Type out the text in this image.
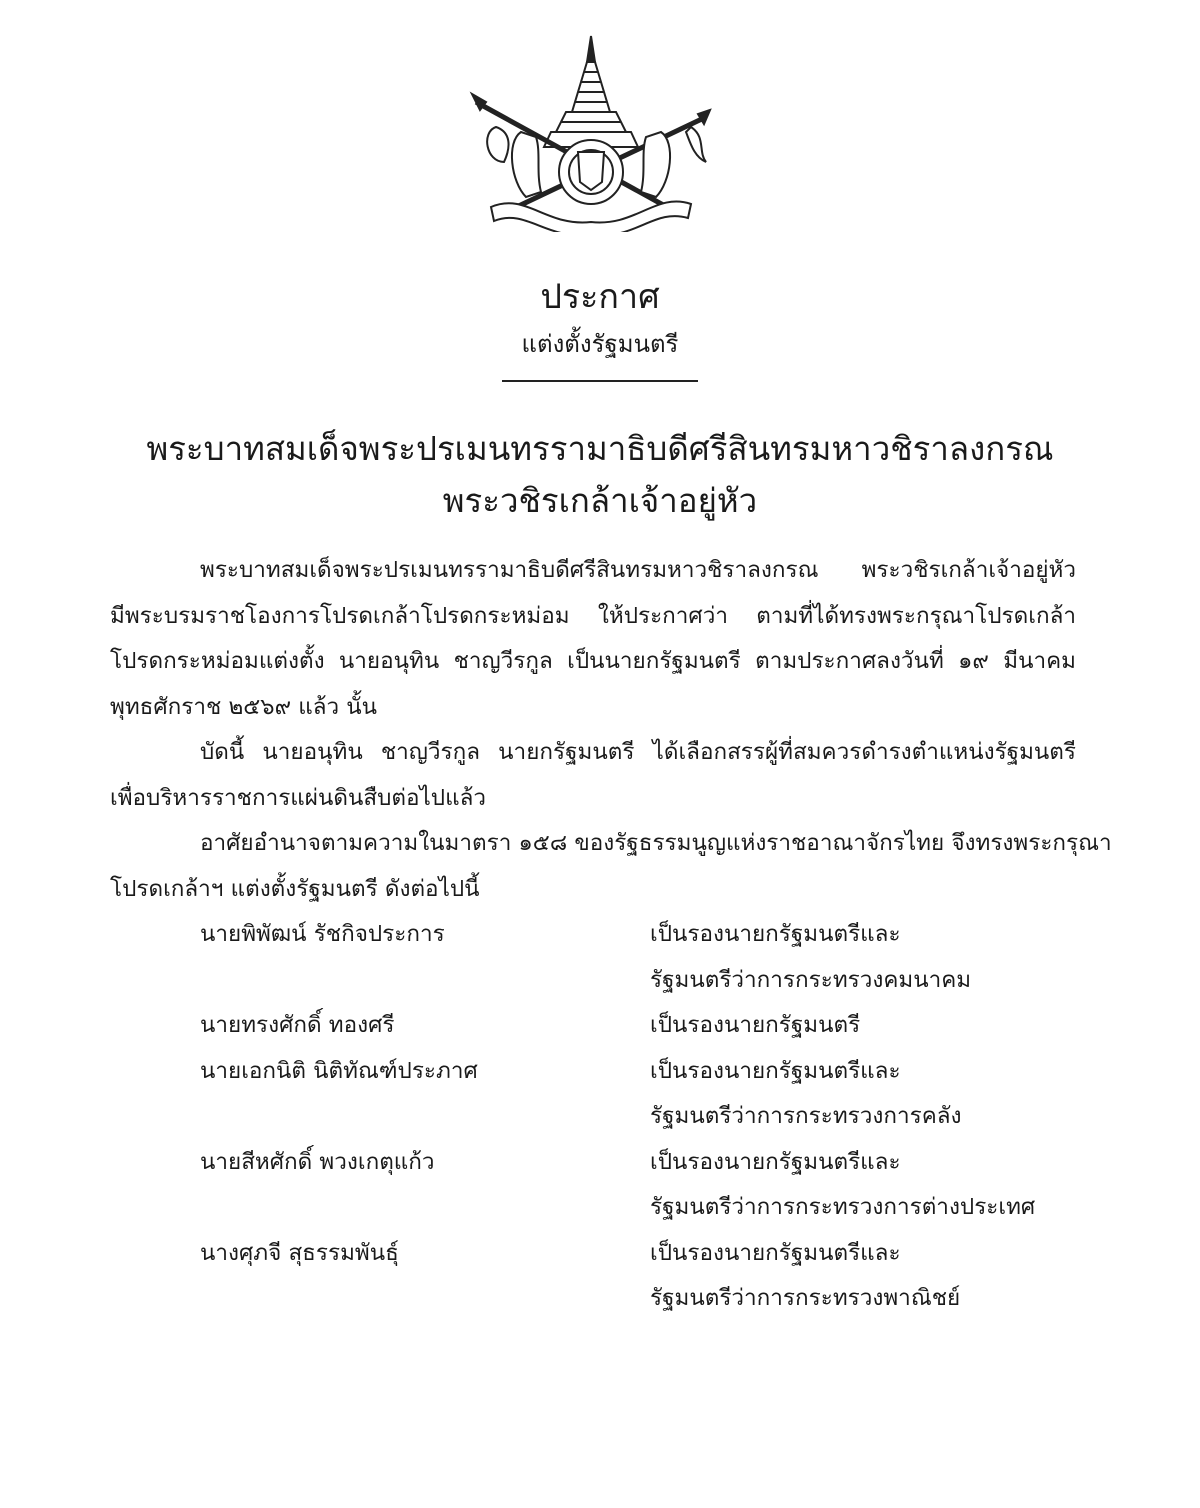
ประกาศ
แต่งตั้งรัฐมนตรี
พระบาทสมเด็จพระปรเมนทรรามาธิบดีศรีสินทรมหาวชิราลงกรณ
พระวชิรเกล้าเจ้าอยู่หัว
พระบาทสมเด็จพระปรเมนทรรามาธิบดีศรีสินทรมหาวชิราลงกรณ พระวชิรเกล้าเจ้าอยู่หัว
มีพระบรมราชโองการโปรดเกล้าโปรดกระหม่อม ให้ประกาศว่า ตามที่ได้ทรงพระกรุณาโปรดเกล้า
โปรดกระหม่อมแต่งตั้ง นายอนุทิน ชาญวีรกูล เป็นนายกรัฐมนตรี ตามประกาศลงวันที่ ๑๙ มีนาคม
พุทธศักราช ๒๕๖๙ แล้ว นั้น
บัดนี้ นายอนุทิน ชาญวีรกูล นายกรัฐมนตรี ได้เลือกสรรผู้ที่สมควรดำรงตำแหน่งรัฐมนตรี
เพื่อบริหารราชการแผ่นดินสืบต่อไปแล้ว
อาศัยอำนาจตามความในมาตรา ๑๕๘ ของรัฐธรรมนูญแห่งราชอาณาจักรไทย จึงทรงพระกรุณา
โปรดเกล้าฯ แต่งตั้งรัฐมนตรี ดังต่อไปนี้
นายพิพัฒน์ รัชกิจประการ	เป็นรองนายกรัฐมนตรีและ
รัฐมนตรีว่าการกระทรวงคมนาคม
นายทรงศักดิ์ ทองศรี	เป็นรองนายกรัฐมนตรี
นายเอกนิติ นิติทัณฑ์ประภาศ	เป็นรองนายกรัฐมนตรีและ
รัฐมนตรีว่าการกระทรวงการคลัง
นายสีหศักดิ์ พวงเกตุแก้ว	เป็นรองนายกรัฐมนตรีและ
รัฐมนตรีว่าการกระทรวงการต่างประเทศ
นางศุภจี สุธรรมพันธุ์	เป็นรองนายกรัฐมนตรีและ
รัฐมนตรีว่าการกระทรวงพาณิชย์
